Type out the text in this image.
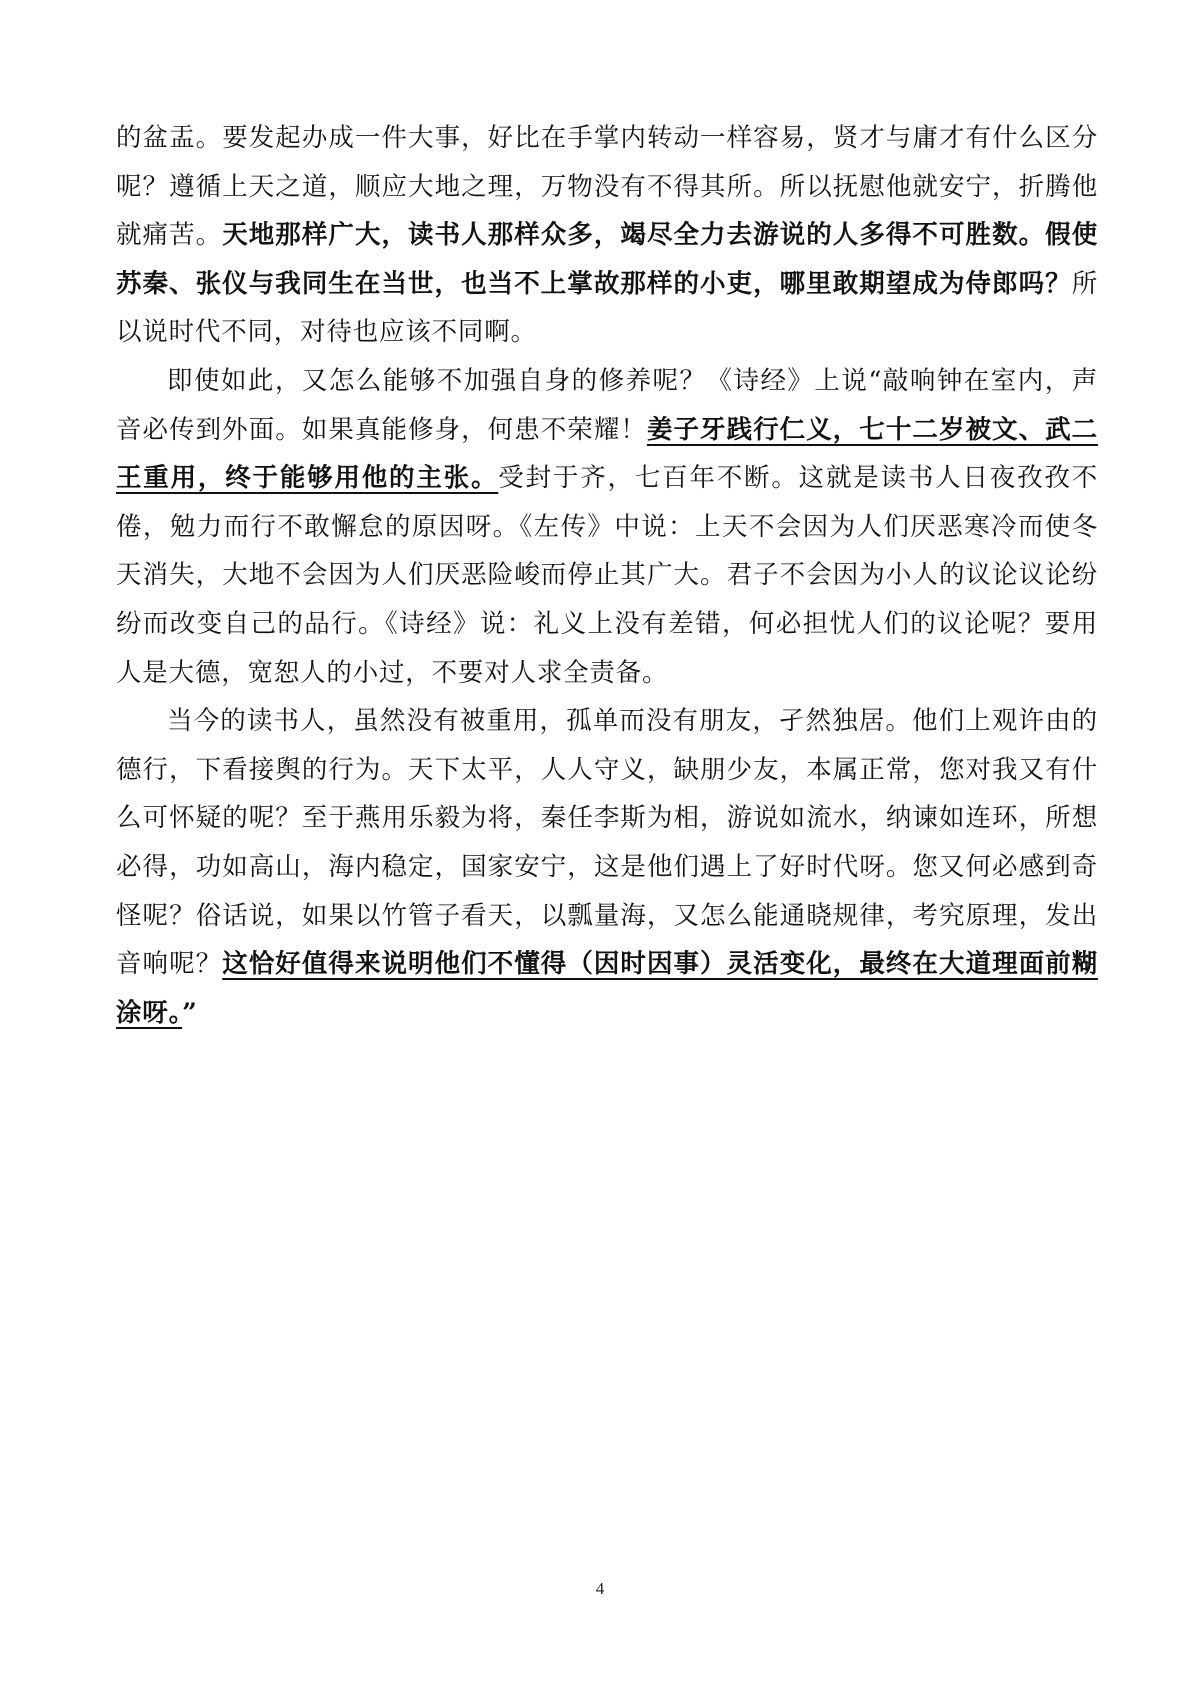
的盆盂。要发起办成一件大事，好比在手掌内转动一样容易，贤才与庸才有什么区分呢？遵循上天之道，顺应大地之理，万物没有不得其所。所以抚慰他就安宁，折腾他就痛苦。天地那样广大，读书人那样众多，竭尽全力去游说的人多得不可胜数。假使苏秦、张仪与我同生在当世，也当不上掌故那样的小吏，哪里敢期望成为侍郎吗？所以说时代不同，对待也应该不同啊。

即使如此，又怎么能够不加强自身的修养呢？《诗经》上说“敲响钟在室内，声音必传到外面。如果真能修身，何患不荣耀！姜子牙践行仁义，七十二岁被文、武二王重用，终于能够用他的主张。受封于齐，七百年不断。这就是读书人日夜孜孜不倦，勉力而行不敢懈怠的原因呀。《左传》中说：上天不会因为人们厌恶寒冷而使冬天消失，大地不会因为人们厌恶险峻而停止其广大。君子不会因为小人的议论议论纷纷而改变自己的品行。《诗经》说：礼义上没有差错，何必担忧人们的议论呢？要用人是大德，宽恕人的小过，不要对人求全责备。

当今的读书人，虽然没有被重用，孤单而没有朋友，孑然独居。他们上观许由的德行，下看接舆的行为。天下太平，人人守义，缺朋少友，本属正常，您对我又有什么可怀疑的呢？至于燕用乐毅为将，秦任李斯为相，游说如流水，纳谏如连环，所想必得，功如高山，海内稳定，国家安宁，这是他们遇上了好时代呀。您又何必感到奇怪呢？俗话说，如果以竹管子看天，以瓢量海，又怎么能通晓规律，考究原理，发出音响呢？这恰好值得来说明他们不懂得（因时因事）灵活变化，最终在大道理面前糊涂呀。”

4
